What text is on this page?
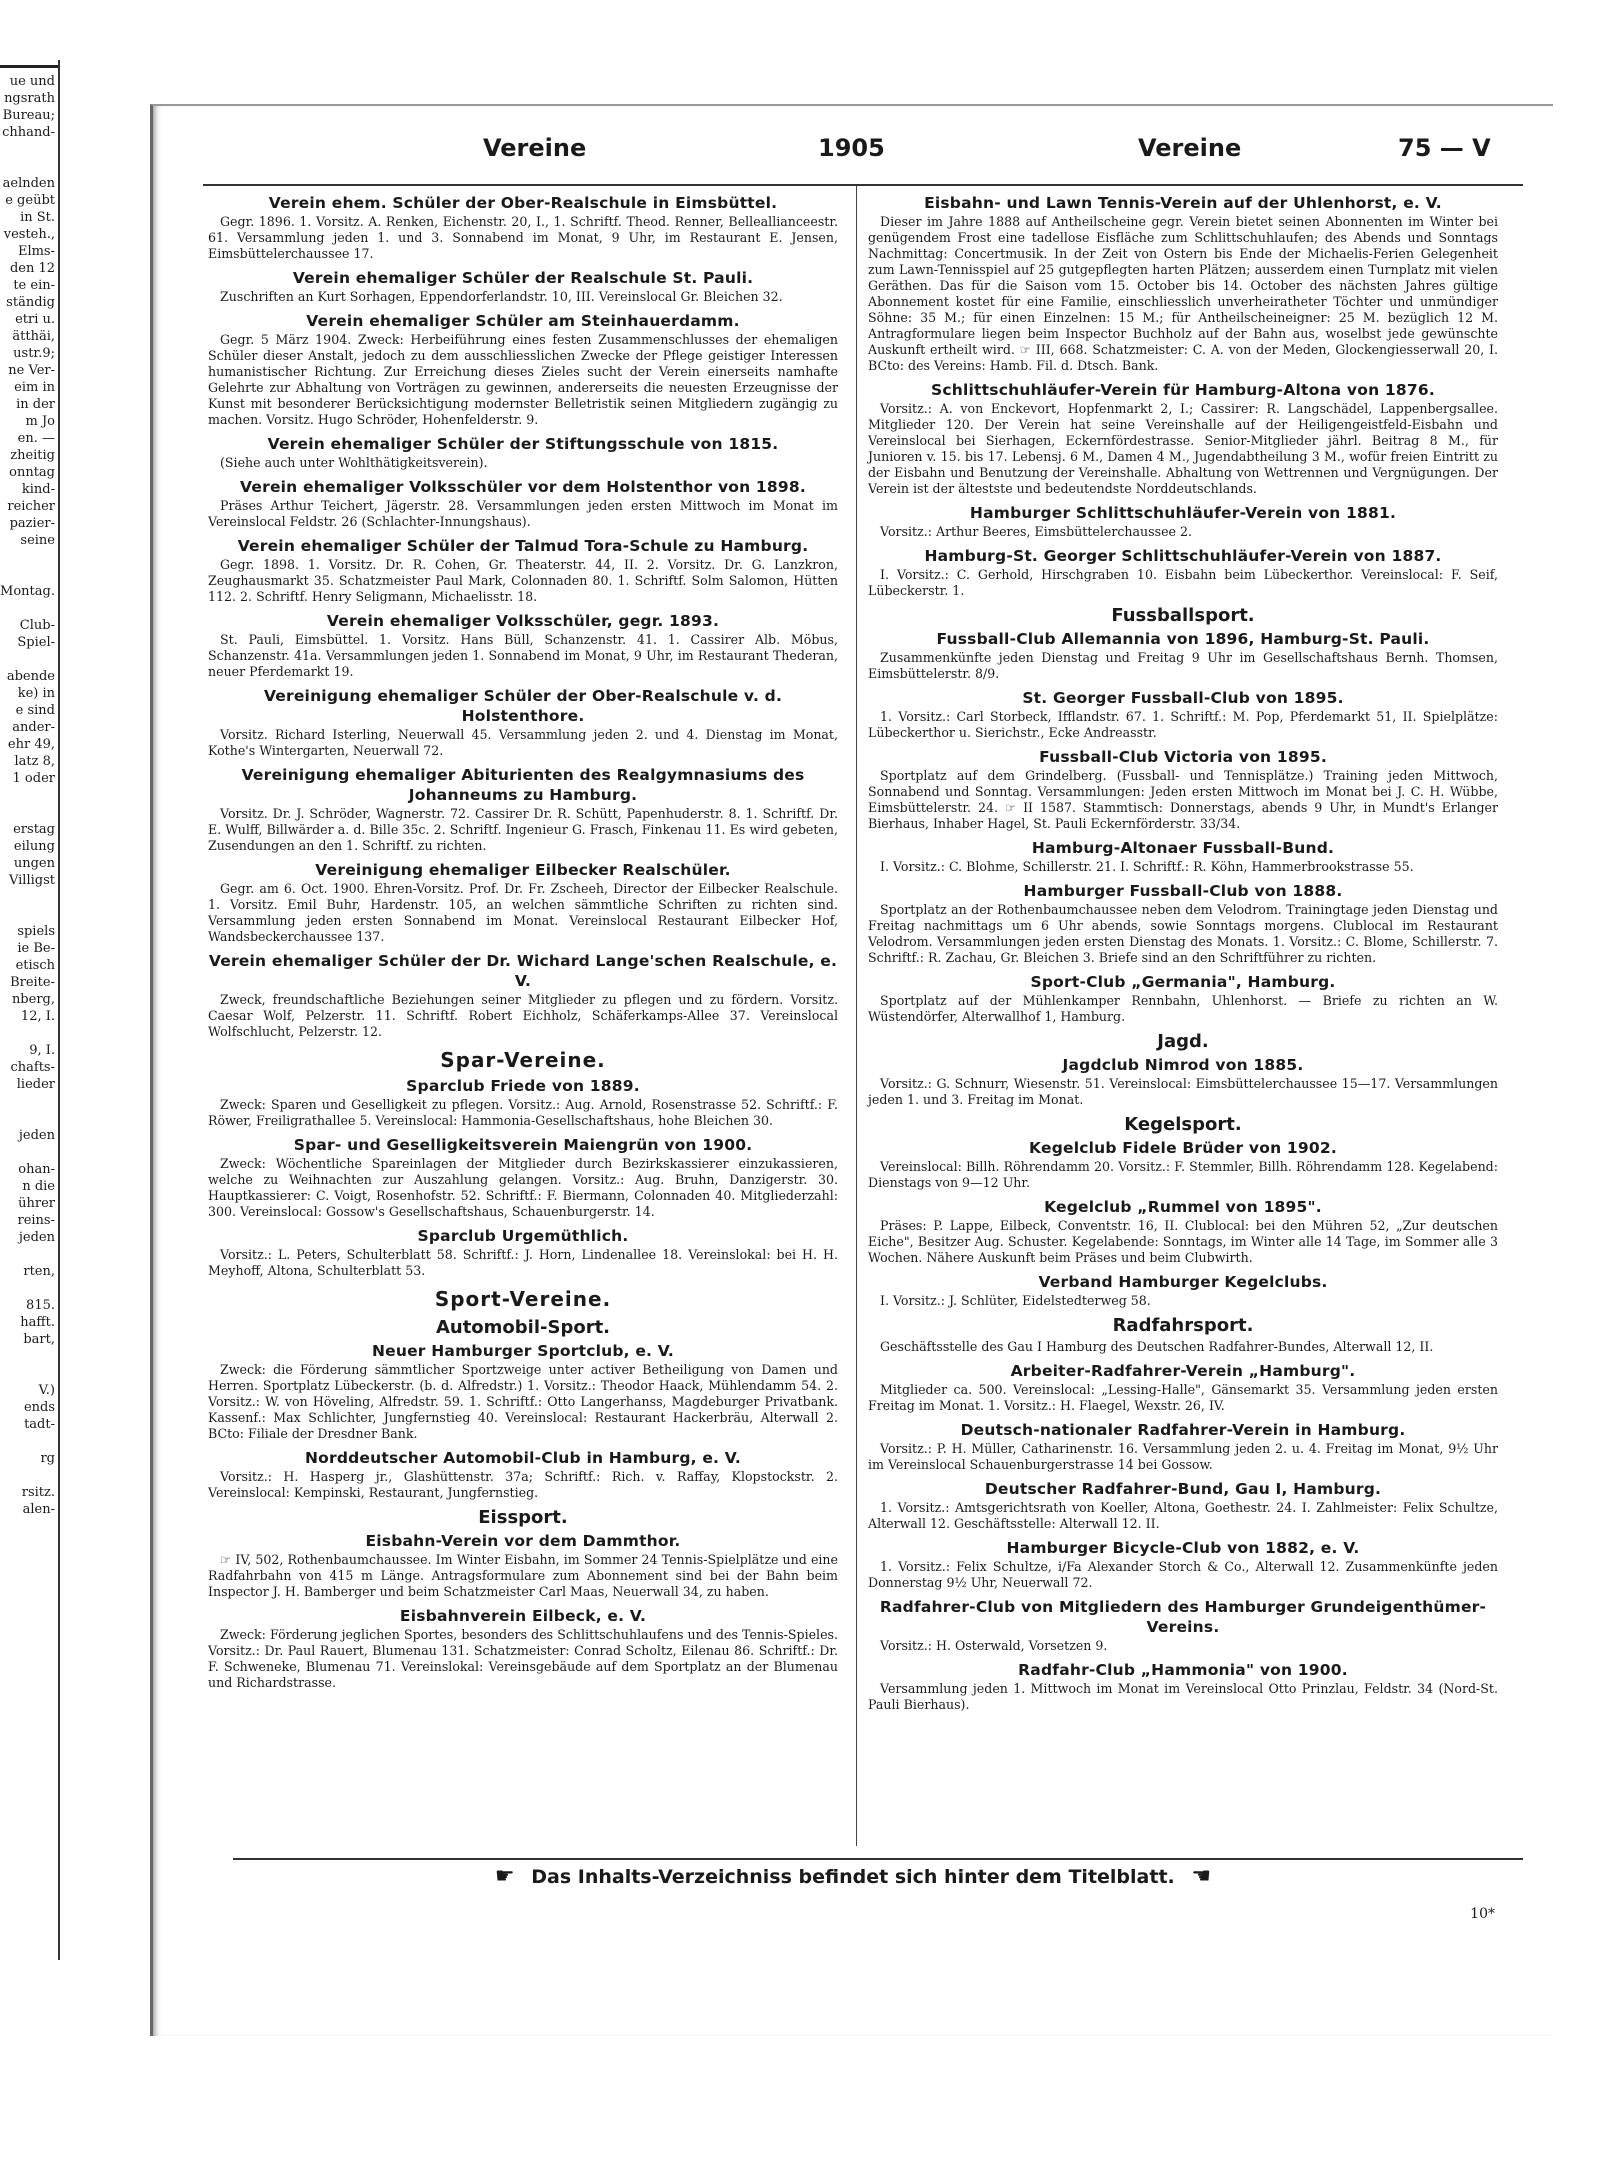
ue und
ngsrath
Bureau;
chhand-

aelnden
e geübt
in St.
vesteh.,
Elms-
den 12
te ein-
ständig
etri u.
ätthäi,
ustr.9;
ne Ver-
eim in
in der
m Jo
en. —
zheitig
onntag
kind-
reicher
pazier-
seine

Montag.

Club-
Spiel-

abende
ke) in
e sind
ander-
ehr 49,
latz 8,
1 oder

erstag
eilung
ungen
Villigst

spiels
ie Be-
etisch
Breite-
nberg,
12, I.

9, I.
chafts-
lieder

jeden

ohan-
n die
ührer
reins-
jeden

rten,

815.
hafft.
bart,

V.)
ends
tadt-

rg

rsitz.
alen-
Vereine	1905	Vereine	75 — V
Verein ehem. Schüler der Ober-Realschule in Eimsbüttel.
Gegr. 1896. 1. Vorsitz. A. Renken, Eichenstr. 20, I., 1. Schriftf. Theod. Renner, Belleallianceestr. 61. Versammlung jeden 1. und 3. Sonnabend im Monat, 9 Uhr, im Restaurant E. Jensen, Eimsbüttelerchaussee 17.
Verein ehemaliger Schüler der Realschule St. Pauli.
Zuschriften an Kurt Sorhagen, Eppendorferlandstr. 10, III. Vereinslocal Gr. Bleichen 32.
Verein ehemaliger Schüler am Steinhauerdamm.
Gegr. 5 März 1904. Zweck: Herbeiführung eines festen Zusammenschlusses der ehemaligen Schüler dieser Anstalt, jedoch zu dem ausschliesslichen Zwecke der Pflege geistiger Interessen humanistischer Richtung. Zur Erreichung dieses Zieles sucht der Verein einerseits namhafte Gelehrte zur Abhaltung von Vorträgen zu gewinnen, andererseits die neuesten Erzeugnisse der Kunst mit besonderer Berücksichtigung modernster Belletristik seinen Mitgliedern zugängig zu machen. Vorsitz. Hugo Schröder, Hohenfelderstr. 9.
Verein ehemaliger Schüler der Stiftungsschule von 1815.
(Siehe auch unter Wohlthätigkeitsverein).
Verein ehemaliger Volksschüler vor dem Holstenthor von 1898.
Präses Arthur Teichert, Jägerstr. 28. Versammlungen jeden ersten Mittwoch im Monat im Vereinslocal Feldstr. 26 (Schlachter-Innungshaus).
Verein ehemaliger Schüler der Talmud Tora-Schule zu Hamburg.
Gegr. 1898. 1. Vorsitz. Dr. R. Cohen, Gr. Theaterstr. 44, II. 2. Vorsitz. Dr. G. Lanzkron, Zeughausmarkt 35. Schatzmeister Paul Mark, Colonnaden 80. 1. Schriftf. Solm Salomon, Hütten 112. 2. Schriftf. Henry Seligmann, Michaelisstr. 18.
Verein ehemaliger Volksschüler, gegr. 1893.
St. Pauli, Eimsbüttel. 1. Vorsitz. Hans Büll, Schanzenstr. 41. 1. Cassirer Alb. Möbus, Schanzenstr. 41a. Versammlungen jeden 1. Sonnabend im Monat, 9 Uhr, im Restaurant Thederan, neuer Pferdemarkt 19.
Vereinigung ehemaliger Schüler der Ober-Realschule v. d. Holstenthore.
Vorsitz. Richard Isterling, Neuerwall 45. Versammlung jeden 2. und 4. Dienstag im Monat, Kothe's Wintergarten, Neuerwall 72.
Vereinigung ehemaliger Abiturienten des Realgymnasiums des Johanneums zu Hamburg.
Vorsitz. Dr. J. Schröder, Wagnerstr. 72. Cassirer Dr. R. Schütt, Papenhuderstr. 8. 1. Schriftf. Dr. E. Wulff, Billwärder a. d. Bille 35c. 2. Schriftf. Ingenieur G. Frasch, Finkenau 11. Es wird gebeten, Zusendungen an den 1. Schriftf. zu richten.
Vereinigung ehemaliger Eilbecker Realschüler.
Gegr. am 6. Oct. 1900. Ehren-Vorsitz. Prof. Dr. Fr. Zscheeh, Director der Eilbecker Realschule. 1. Vorsitz. Emil Buhr, Hardenstr. 105, an welchen sämmtliche Schriften zu richten sind. Versammlung jeden ersten Sonnabend im Monat. Vereinslocal Restaurant Eilbecker Hof, Wandsbeckerchaussee 137.
Verein ehemaliger Schüler der Dr. Wichard Lange'schen Realschule, e. V.
Zweck, freundschaftliche Beziehungen seiner Mitglieder zu pflegen und zu fördern. Vorsitz. Caesar Wolf, Pelzerstr. 11. Schriftf. Robert Eichholz, Schäferkamps-Allee 37. Vereinslocal Wolfschlucht, Pelzerstr. 12.
Spar-Vereine.
Sparclub Friede von 1889.
Zweck: Sparen und Geselligkeit zu pflegen. Vorsitz.: Aug. Arnold, Rosenstrasse 52. Schriftf.: F. Röwer, Freiligrathallee 5. Vereinslocal: Hammonia-Gesellschaftshaus, hohe Bleichen 30.
Spar- und Geselligkeitsverein Maiengrün von 1900.
Zweck: Wöchentliche Spareinlagen der Mitglieder durch Bezirkskassierer einzukassieren, welche zu Weihnachten zur Auszahlung gelangen. Vorsitz.: Aug. Bruhn, Danzigerstr. 30. Hauptkassierer: C. Voigt, Rosenhofstr. 52. Schriftf.: F. Biermann, Colonnaden 40. Mitgliederzahl: 300. Vereinslocal: Gossow's Gesellschaftshaus, Schauenburgerstr. 14.
Sparclub Urgemüthlich.
Vorsitz.: L. Peters, Schulterblatt 58. Schriftf.: J. Horn, Lindenallee 18. Vereinslokal: bei H. H. Meyhoff, Altona, Schulterblatt 53.
Sport-Vereine.
Automobil-Sport.
Neuer Hamburger Sportclub, e. V.
Zweck: die Förderung sämmtlicher Sportzweige unter activer Betheiligung von Damen und Herren. Sportplatz Lübeckerstr. (b. d. Alfredstr.) 1. Vorsitz.: Theodor Haack, Mühlendamm 54. 2. Vorsitz.: W. von Höveling, Alfredstr. 59. 1. Schriftf.: Otto Langerhanss, Magdeburger Privatbank. Kassenf.: Max Schlichter, Jungfernstieg 40. Vereinslocal: Restaurant Hackerbräu, Alterwall 2. BCto: Filiale der Dresdner Bank.
Norddeutscher Automobil-Club in Hamburg, e. V.
Vorsitz.: H. Hasperg jr., Glashüttenstr. 37a; Schriftf.: Rich. v. Raffay, Klopstockstr. 2. Vereinslocal: Kempinski, Restaurant, Jungfernstieg.
Eissport.
Eisbahn-Verein vor dem Dammthor.
☞ IV, 502, Rothenbaumchaussee. Im Winter Eisbahn, im Sommer 24 Tennis-Spielplätze und eine Radfahrbahn von 415 m Länge. Antragsformulare zum Abonnement sind bei der Bahn beim Inspector J. H. Bamberger und beim Schatzmeister Carl Maas, Neuerwall 34, zu haben.
Eisbahnverein Eilbeck, e. V.
Zweck: Förderung jeglichen Sportes, besonders des Schlittschuhlaufens und des Tennis-Spieles. Vorsitz.: Dr. Paul Rauert, Blumenau 131. Schatzmeister: Conrad Scholtz, Eilenau 86. Schriftf.: Dr. F. Schweneke, Blumenau 71. Vereinslokal: Vereinsgebäude auf dem Sportplatz an der Blumenau und Richardstrasse.
Eisbahn- und Lawn Tennis-Verein auf der Uhlenhorst, e. V.
Dieser im Jahre 1888 auf Antheilscheine gegr. Verein bietet seinen Abonnenten im Winter bei genügendem Frost eine tadellose Eisfläche zum Schlittschuhlaufen; des Abends und Sonntags Nachmittag: Concertmusik. In der Zeit von Ostern bis Ende der Michaelis-Ferien Gelegenheit zum Lawn-Tennisspiel auf 25 gutgepflegten harten Plätzen; ausserdem einen Turnplatz mit vielen Geräthen. Das für die Saison vom 15. October bis 14. October des nächsten Jahres gültige Abonnement kostet für eine Familie, einschliesslich unverheiratheter Töchter und unmündiger Söhne: 35 M.; für einen Einzelnen: 15 M.; für Antheilscheineigner: 25 M. bezüglich 12 M. Antragformulare liegen beim Inspector Buchholz auf der Bahn aus, woselbst jede gewünschte Auskunft ertheilt wird. ☞ III, 668. Schatzmeister: C. A. von der Meden, Glockengiesserwall 20, I. BCto: des Vereins: Hamb. Fil. d. Dtsch. Bank.
Schlittschuhläufer-Verein für Hamburg-Altona von 1876.
Vorsitz.: A. von Enckevort, Hopfenmarkt 2, I.; Cassirer: R. Langschädel, Lappenbergsallee. Mitglieder 120. Der Verein hat seine Vereinshalle auf der Heiligengeistfeld-Eisbahn und Vereinslocal bei Sierhagen, Eckernfördestrasse. Senior-Mitglieder jährl. Beitrag 8 M., für Junioren v. 15. bis 17. Lebensj. 6 M., Damen 4 M., Jugendabtheilung 3 M., wofür freien Eintritt zu der Eisbahn und Benutzung der Vereinshalle. Abhaltung von Wettrennen und Vergnügungen. Der Verein ist der ältestste und bedeutendste Norddeutschlands.
Hamburger Schlittschuhläufer-Verein von 1881.
Vorsitz.: Arthur Beeres, Eimsbüttelerchaussee 2.
Hamburg-St. Georger Schlittschuhläufer-Verein von 1887.
I. Vorsitz.: C. Gerhold, Hirschgraben 10. Eisbahn beim Lübeckerthor. Vereinslocal: F. Seif, Lübeckerstr. 1.
Fussballsport.
Fussball-Club Allemannia von 1896, Hamburg-St. Pauli.
Zusammenkünfte jeden Dienstag und Freitag 9 Uhr im Gesellschaftshaus Bernh. Thomsen, Eimsbüttelerstr. 8/9.
St. Georger Fussball-Club von 1895.
1. Vorsitz.: Carl Storbeck, Ifflandstr. 67. 1. Schriftf.: M. Pop, Pferdemarkt 51, II. Spielplätze: Lübeckerthor u. Sierichstr., Ecke Andreasstr.
Fussball-Club Victoria von 1895.
Sportplatz auf dem Grindelberg. (Fussball- und Tennisplätze.) Training jeden Mittwoch, Sonnabend und Sonntag. Versammlungen: Jeden ersten Mittwoch im Monat bei J. C. H. Wübbe, Eimsbüttelerstr. 24. ☞ II 1587. Stammtisch: Donnerstags, abends 9 Uhr, in Mundt's Erlanger Bierhaus, Inhaber Hagel, St. Pauli Eckernförderstr. 33/34.
Hamburg-Altonaer Fussball-Bund.
I. Vorsitz.: C. Blohme, Schillerstr. 21. I. Schriftf.: R. Köhn, Hammerbrookstrasse 55.
Hamburger Fussball-Club von 1888.
Sportplatz an der Rothenbaumchaussee neben dem Velodrom. Trainingtage jeden Dienstag und Freitag nachmittags um 6 Uhr abends, sowie Sonntags morgens. Clublocal im Restaurant Velodrom. Versammlungen jeden ersten Dienstag des Monats. 1. Vorsitz.: C. Blome, Schillerstr. 7. Schriftf.: R. Zachau, Gr. Bleichen 3. Briefe sind an den Schriftführer zu richten.
Sport-Club „Germania", Hamburg.
Sportplatz auf der Mühlenkamper Rennbahn, Uhlenhorst. — Briefe zu richten an W. Wüstendörfer, Alterwallhof 1, Hamburg.
Jagd.
Jagdclub Nimrod von 1885.
Vorsitz.: G. Schnurr, Wiesenstr. 51. Vereinslocal: Eimsbüttelerchaussee 15—17. Versammlungen jeden 1. und 3. Freitag im Monat.
Kegelsport.
Kegelclub Fidele Brüder von 1902.
Vereinslocal: Billh. Röhrendamm 20. Vorsitz.: F. Stemmler, Billh. Röhrendamm 128. Kegelabend: Dienstags von 9—12 Uhr.
Kegelclub „Rummel von 1895".
Präses: P. Lappe, Eilbeck, Conventstr. 16, II. Clublocal: bei den Mühren 52, „Zur deutschen Eiche", Besitzer Aug. Schuster. Kegelabende: Sonntags, im Winter alle 14 Tage, im Sommer alle 3 Wochen. Nähere Auskunft beim Präses und beim Clubwirth.
Verband Hamburger Kegelclubs.
I. Vorsitz.: J. Schlüter, Eidelstedterweg 58.
Radfahrsport.
Geschäftsstelle des Gau I Hamburg des Deutschen Radfahrer-Bundes, Alterwall 12, II.
Arbeiter-Radfahrer-Verein „Hamburg".
Mitglieder ca. 500. Vereinslocal: „Lessing-Halle", Gänsemarkt 35. Versammlung jeden ersten Freitag im Monat. 1. Vorsitz.: H. Flaegel, Wexstr. 26, IV.
Deutsch-nationaler Radfahrer-Verein in Hamburg.
Vorsitz.: P. H. Müller, Catharinenstr. 16. Versammlung jeden 2. u. 4. Freitag im Monat, 9½ Uhr im Vereinslocal Schauenburgerstrasse 14 bei Gossow.
Deutscher Radfahrer-Bund, Gau I, Hamburg.
1. Vorsitz.: Amtsgerichtsrath von Koeller, Altona, Goethestr. 24. I. Zahlmeister: Felix Schultze, Alterwall 12. Geschäftsstelle: Alterwall 12. II.
Hamburger Bicycle-Club von 1882, e. V.
1. Vorsitz.: Felix Schultze, i/Fa Alexander Storch & Co., Alterwall 12. Zusammenkünfte jeden Donnerstag 9½ Uhr, Neuerwall 72.
Radfahrer-Club von Mitgliedern des Hamburger Grundeigenthümer-Vereins.
Vorsitz.: H. Osterwald, Vorsetzen 9.
Radfahr-Club „Hammonia" von 1900.
Versammlung jeden 1. Mittwoch im Monat im Vereinslocal Otto Prinzlau, Feldstr. 34 (Nord-St. Pauli Bierhaus).
☛ Das Inhalts-Verzeichniss befindet sich hinter dem Titelblatt. ☚
10*
